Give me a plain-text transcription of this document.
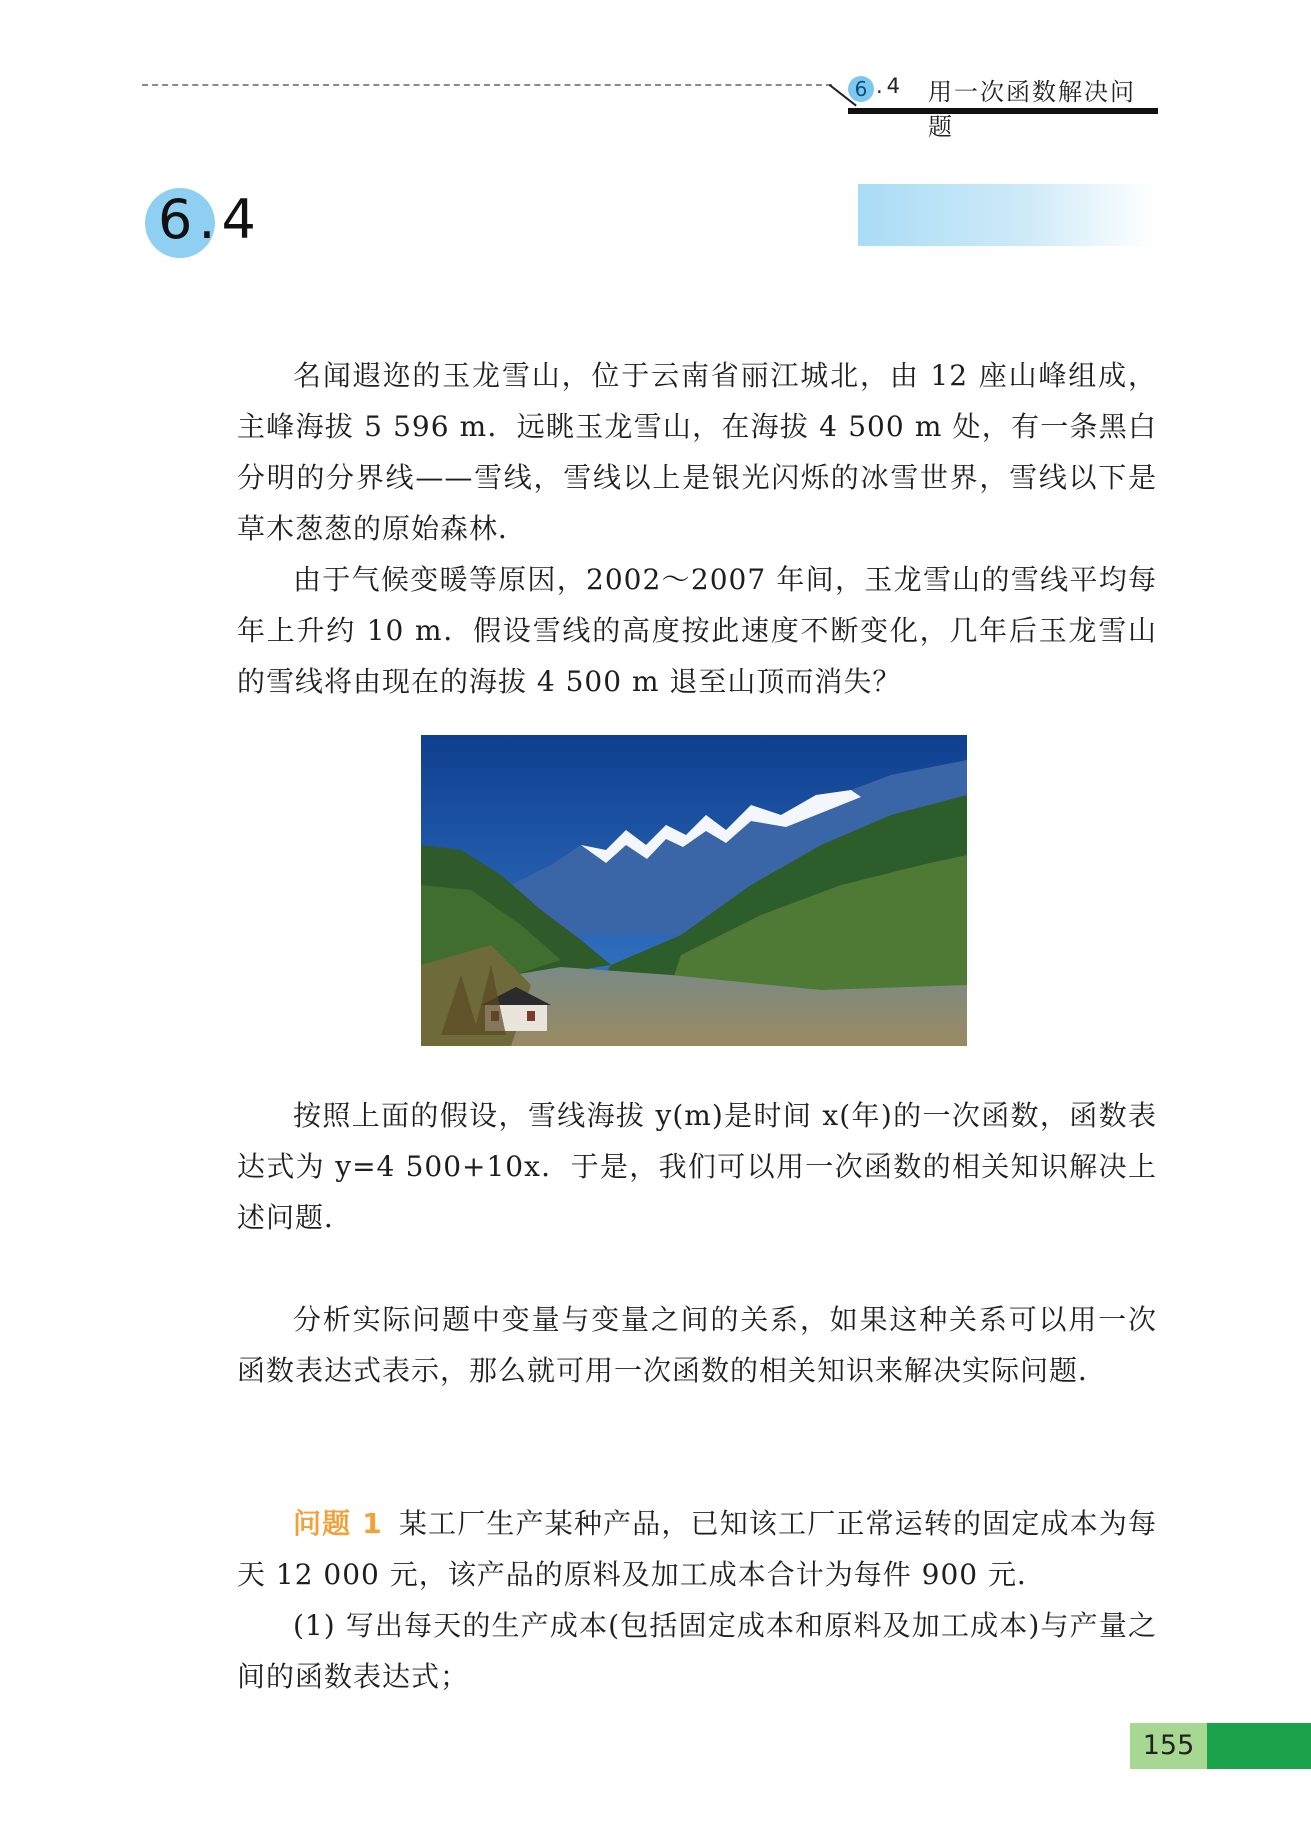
6 .4 用一次函数解决问题
6.4

名闻遐迩的玉龙雪山，位于云南省丽江城北，由 12 座山峰组成，主峰海拔 5 596 m．远眺玉龙雪山，在海拔 4 500 m 处，有一条黑白分明的分界线——雪线，雪线以上是银光闪烁的冰雪世界，雪线以下是草木葱葱的原始森林．

由于气候变暖等原因，2002～2007 年间，玉龙雪山的雪线平均每年上升约 10 m．假设雪线的高度按此速度不断变化，几年后玉龙雪山的雪线将由现在的海拔 4 500 m 退至山顶而消失？

按照上面的假设，雪线海拔 y(m)是时间 x(年)的一次函数，函数表达式为 y=4 500+10x．于是，我们可以用一次函数的相关知识解决上述问题．

分析实际问题中变量与变量之间的关系，如果这种关系可以用一次函数表达式表示，那么就可用一次函数的相关知识来解决实际问题．

问题 1 某工厂生产某种产品，已知该工厂正常运转的固定成本为每天 12 000 元，该产品的原料及加工成本合计为每件 900 元．

(1) 写出每天的生产成本(包括固定成本和原料及加工成本)与产量之间的函数表达式；

155
